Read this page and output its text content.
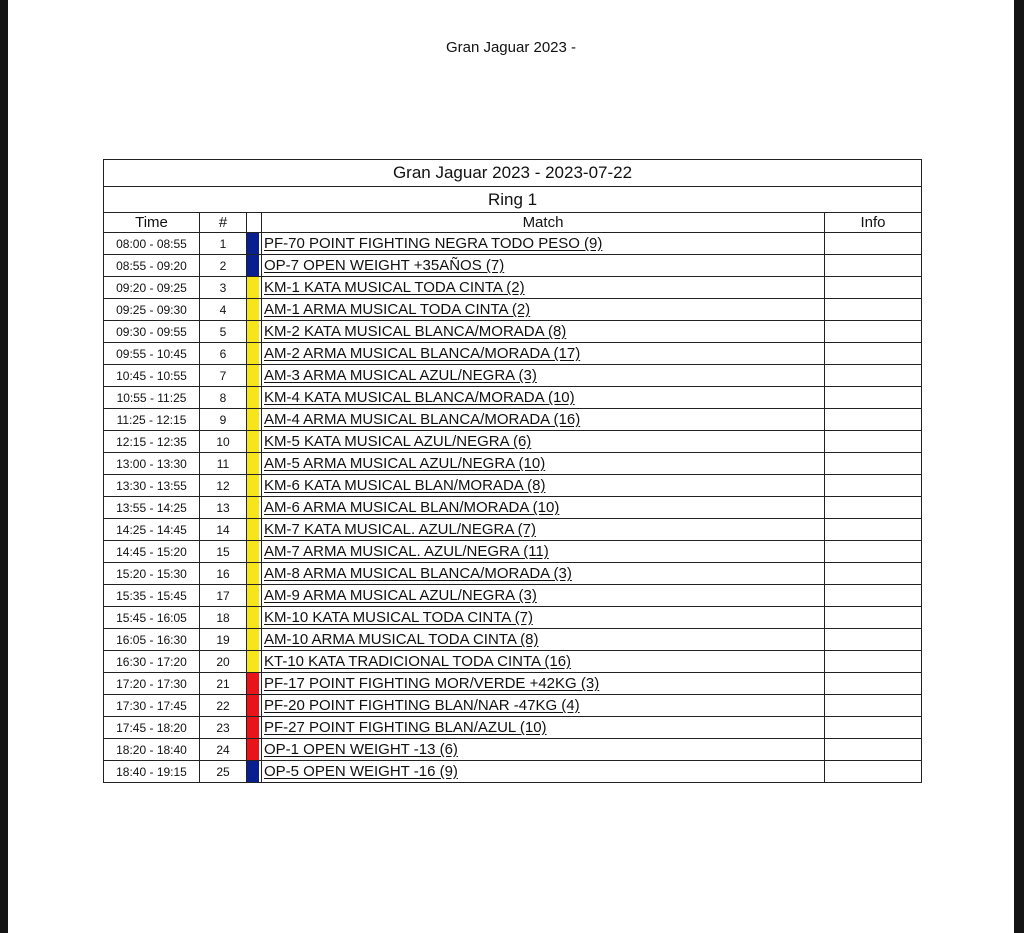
Gran Jaguar 2023 -
Gran Jaguar 2023 - 2023-07-22				
Ring 1				
Time	#		Match	Info
08:00 - 08:55	1		PF-70 POINT FIGHTING NEGRA TODO PESO (9)	
08:55 - 09:20	2		OP-7 OPEN WEIGHT +35AÑOS (7)	
09:20 - 09:25	3		KM-1 KATA MUSICAL TODA CINTA (2)	
09:25 - 09:30	4		AM-1 ARMA MUSICAL TODA CINTA (2)	
09:30 - 09:55	5		KM-2 KATA MUSICAL BLANCA/MORADA (8)	
09:55 - 10:45	6		AM-2 ARMA MUSICAL BLANCA/MORADA (17)	
10:45 - 10:55	7		AM-3 ARMA MUSICAL AZUL/NEGRA (3)	
10:55 - 11:25	8		KM-4 KATA MUSICAL BLANCA/MORADA (10)	
11:25 - 12:15	9		AM-4 ARMA MUSICAL BLANCA/MORADA (16)	
12:15 - 12:35	10		KM-5 KATA MUSICAL AZUL/NEGRA (6)	
13:00 - 13:30	11		AM-5 ARMA MUSICAL AZUL/NEGRA (10)	
13:30 - 13:55	12		KM-6 KATA MUSICAL BLAN/MORADA (8)	
13:55 - 14:25	13		AM-6 ARMA MUSICAL BLAN/MORADA (10)	
14:25 - 14:45	14		KM-7 KATA MUSICAL. AZUL/NEGRA (7)	
14:45 - 15:20	15		AM-7 ARMA MUSICAL. AZUL/NEGRA (11)	
15:20 - 15:30	16		AM-8 ARMA MUSICAL BLANCA/MORADA (3)	
15:35 - 15:45	17		AM-9 ARMA MUSICAL AZUL/NEGRA (3)	
15:45 - 16:05	18		KM-10 KATA MUSICAL TODA CINTA (7)	
16:05 - 16:30	19		AM-10 ARMA MUSICAL TODA CINTA (8)	
16:30 - 17:20	20		KT-10 KATA TRADICIONAL TODA CINTA (16)	
17:20 - 17:30	21		PF-17 POINT FIGHTING MOR/VERDE +42KG (3)	
17:30 - 17:45	22		PF-20 POINT FIGHTING BLAN/NAR -47KG (4)	
17:45 - 18:20	23		PF-27 POINT FIGHTING BLAN/AZUL (10)	
18:20 - 18:40	24		OP-1 OPEN WEIGHT -13 (6)	
18:40 - 19:15	25		OP-5 OPEN WEIGHT -16 (9)	
